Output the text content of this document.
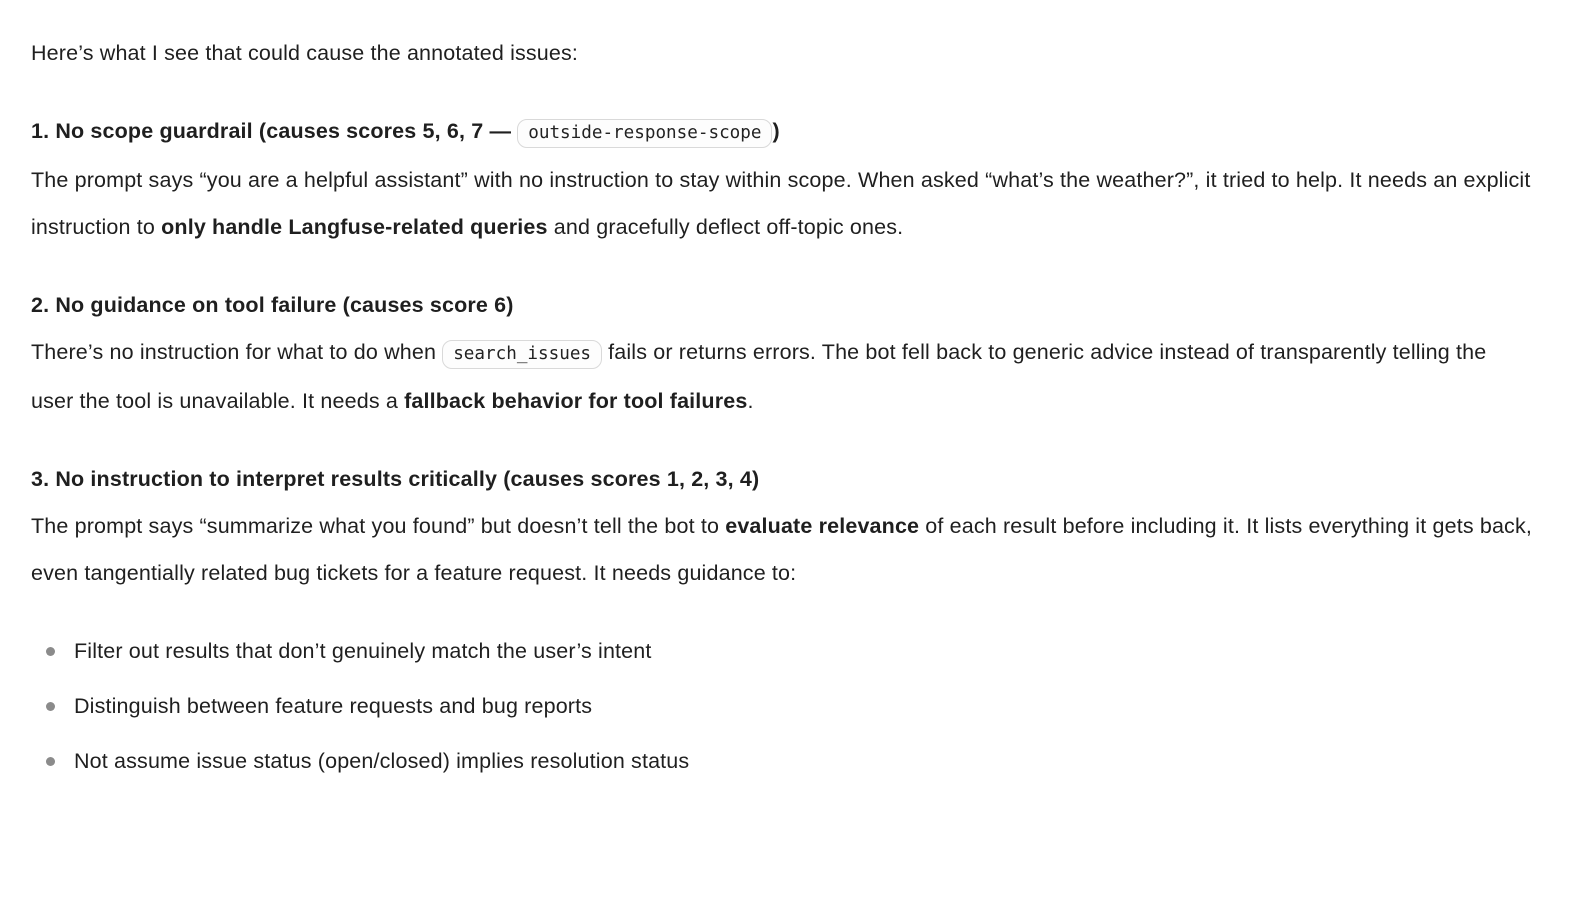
Here’s what I see that could cause the annotated issues:

1. No scope guardrail (causes scores 5, 6, 7 — outside-response-scope )
The prompt says “you are a helpful assistant” with no instruction to stay within scope. When asked “what’s the weather?”, it tried to help. It needs an explicit instruction to only handle Langfuse-related queries and gracefully deflect off-topic ones.
2. No guidance on tool failure (causes score 6)
There’s no instruction for what to do when search_issues fails or returns errors. The bot fell back to generic advice instead of transparently telling the user the tool is unavailable. It needs a fallback behavior for tool failures.
3. No instruction to interpret results critically (causes scores 1, 2, 3, 4)
The prompt says “summarize what you found” but doesn’t tell the bot to evaluate relevance of each result before including it. It lists everything it gets back, even tangentially related bug tickets for a feature request. It needs guidance to:
Filter out results that don’t genuinely match the user’s intent
Distinguish between feature requests and bug reports
Not assume issue status (open/closed) implies resolution status
